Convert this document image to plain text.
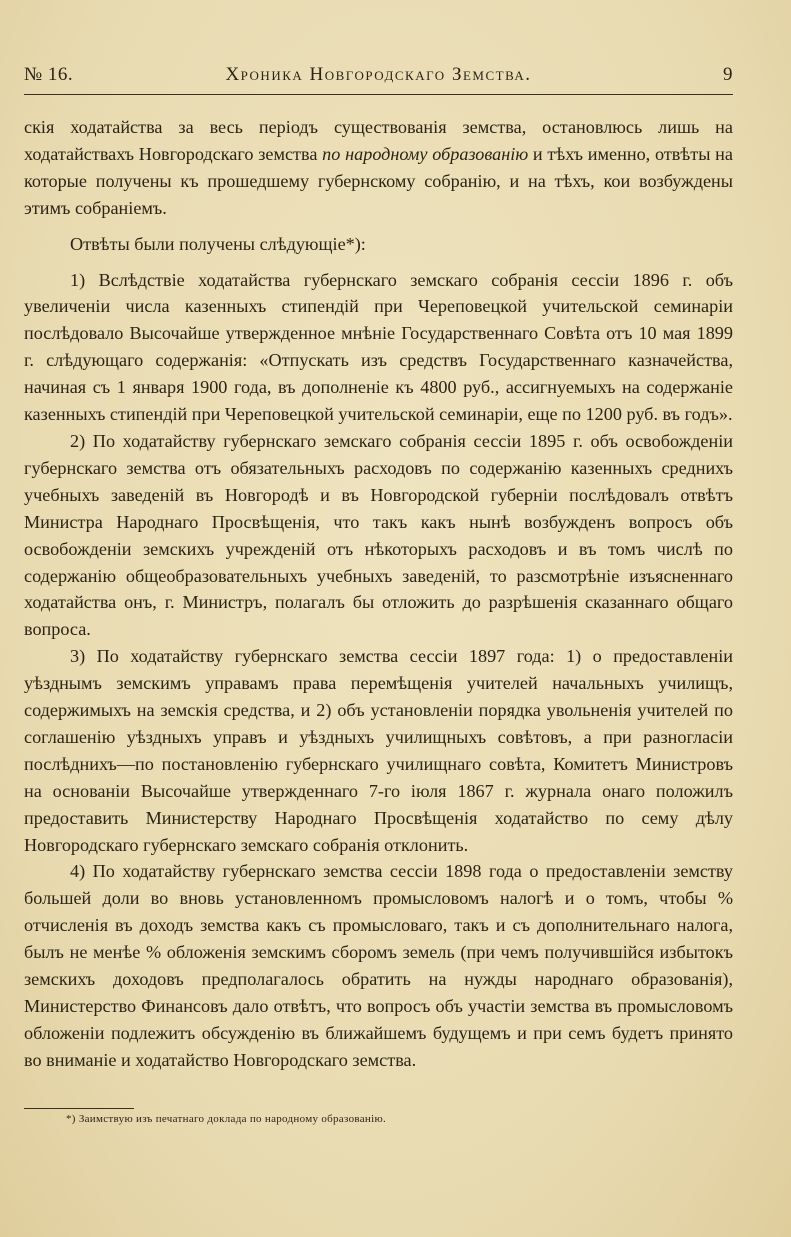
№ 16.	Хроника Новгородскаго Земства.	9

скія ходатайства за весь періодъ существованія земства, остановлюсь лишь на ходатайствахъ Новгородскаго земства по народному образованію и тѣхъ именно, отвѣты на которые получены къ прошедшему губернскому собранію, и на тѣхъ, кои возбуждены этимъ собраніемъ.

Отвѣты были получены слѣдующіе*):

1) Вслѣдствіе ходатайства губернскаго земскаго собранія сессіи 1896 г. объ увеличеніи числа казенныхъ стипендій при Череповецкой учительской семинаріи послѣдовало Высочайше утвержденное мнѣніе Государственнаго Совѣта отъ 10 мая 1899 г. слѣдующаго содержанія: «Отпускать изъ средствъ Государственнаго казначейства, начиная съ 1 января 1900 года, въ дополненіе къ 4800 руб., ассигнуемыхъ на содержаніе казенныхъ стипендій при Череповецкой учительской семинаріи, еще по 1200 руб. въ годъ».

2) По ходатайству губернскаго земскаго собранія сессіи 1895 г. объ освобожденіи губернскаго земства отъ обязательныхъ расходовъ по содержанію казенныхъ среднихъ учебныхъ заведеній въ Новгородѣ и въ Новгородской губерніи послѣдовалъ отвѣтъ Министра Народнаго Просвѣщенія, что такъ какъ нынѣ возбужденъ вопросъ объ освобожденіи земскихъ учрежденій отъ нѣкоторыхъ расходовъ и въ томъ числѣ по содержанію общеобразовательныхъ учебныхъ заведеній, то разсмотрѣніе изъясненнаго ходатайства онъ, г. Министръ, полагалъ бы отложить до разрѣшенія сказаннаго общаго вопроса.

3) По ходатайству губернскаго земства сессіи 1897 года: 1) о предоставленіи уѣзднымъ земскимъ управамъ права перемѣщенія учителей начальныхъ училищъ, содержимыхъ на земскія средства, и 2) объ установленіи порядка увольненія учителей по соглашенію уѣздныхъ управъ и уѣздныхъ училищныхъ совѣтовъ, а при разногласіи послѣднихъ—по постановленію губернскаго училищнаго совѣта, Комитетъ Министровъ на основаніи Высочайше утвержденнаго 7-го іюля 1867 г. журнала онаго положилъ предоставить Министерству Народнаго Просвѣщенія ходатайство по сему дѣлу Новгородскаго губернскаго земскаго собранія отклонить.

4) По ходатайству губернскаго земства сессіи 1898 года о предоставленіи земству большей доли во вновь установленномъ промысловомъ налогѣ и о томъ, чтобы % отчисленія въ доходъ земства какъ съ промысловаго, такъ и съ дополнительнаго налога, былъ не менѣе % обложенія земскимъ сборомъ земель (при чемъ получившійся избытокъ земскихъ доходовъ предполагалось обратить на нужды народнаго образованія), Министерство Финансовъ дало отвѣтъ, что вопросъ объ участіи земства въ промысловомъ обложеніи подлежитъ обсужденію въ ближайшемъ будущемъ и при семъ будетъ принято во вниманіе и ходатайство Новгородскаго земства.

*) Заимствую изъ печатнаго доклада по народному образованію.
